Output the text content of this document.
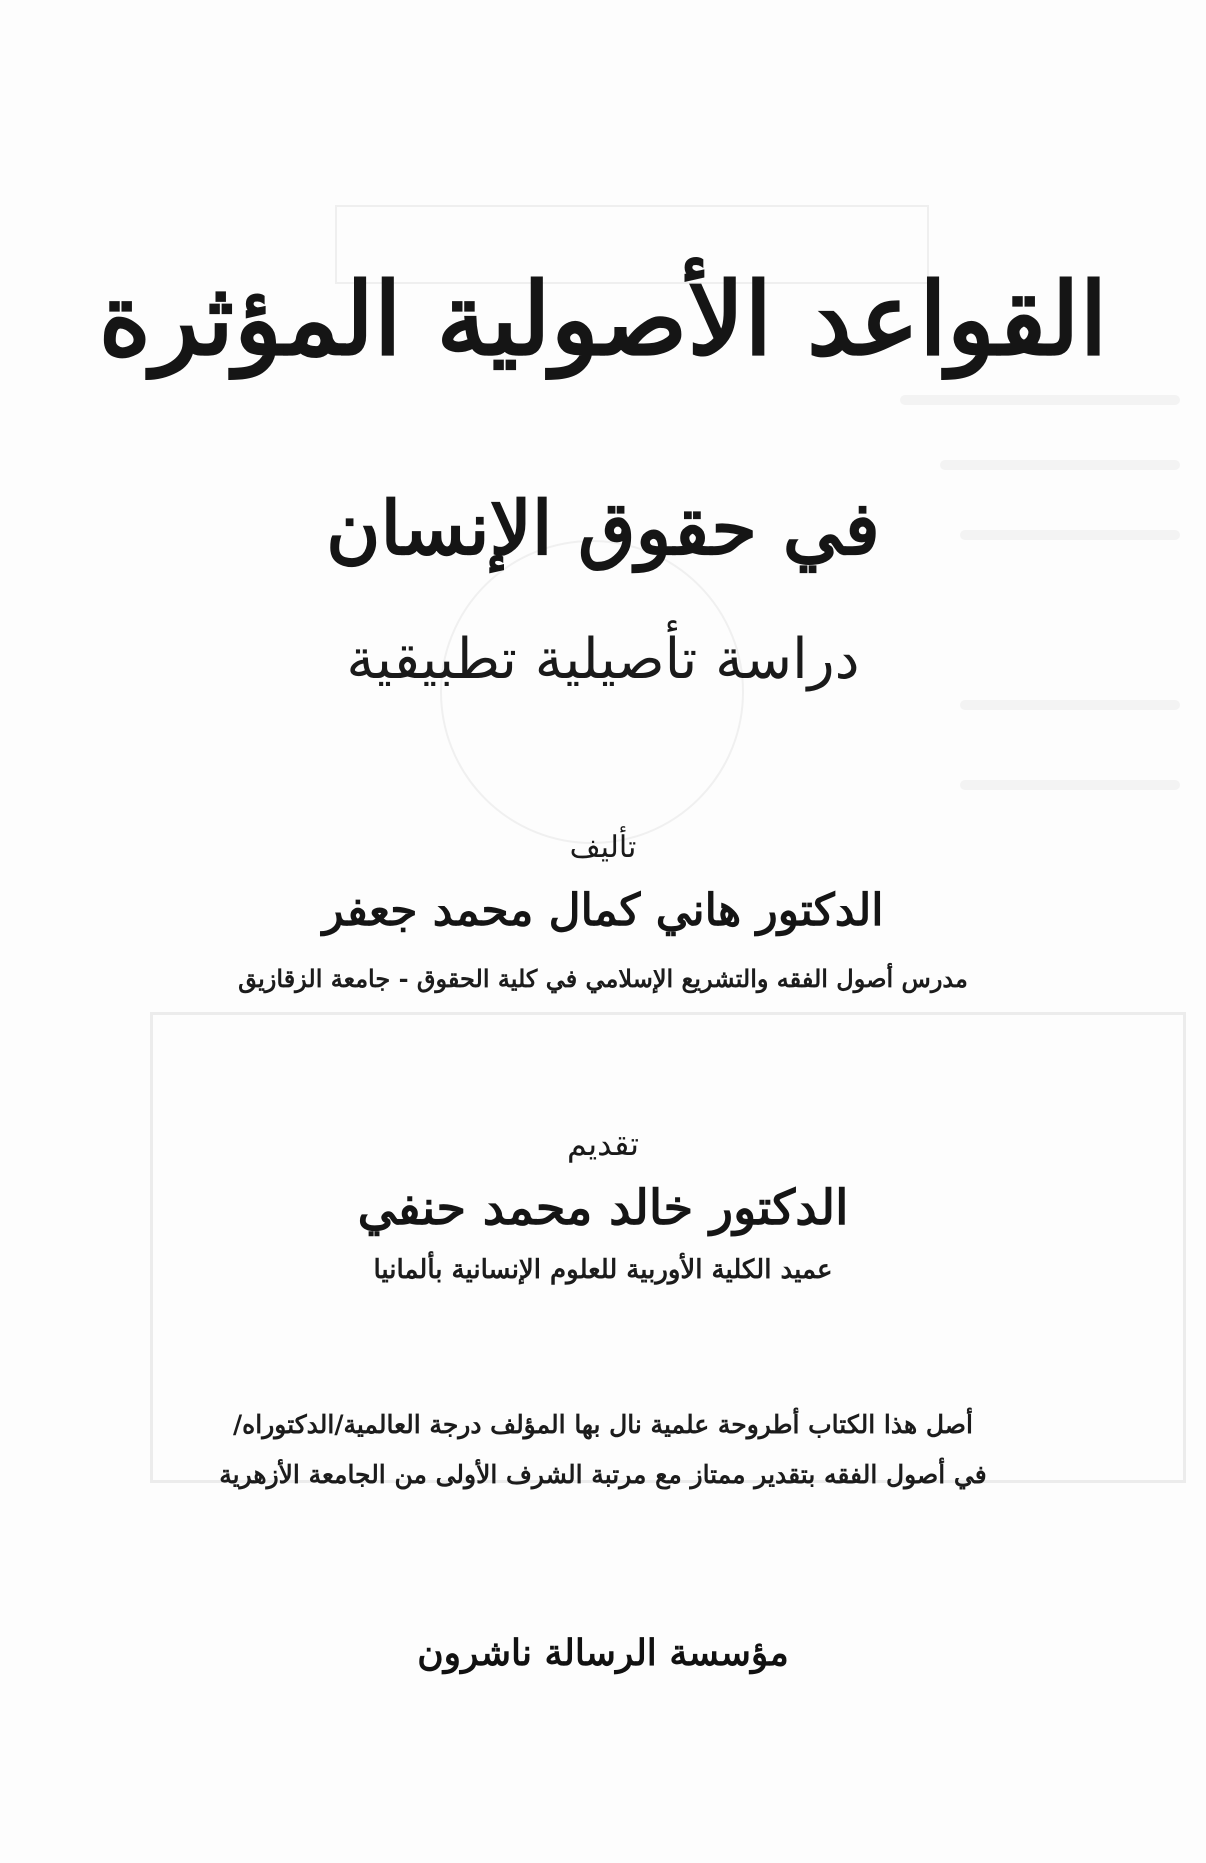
القواعد الأصولية المؤثرة
في حقوق الإنسان
دراسة تأصيلية تطبيقية
تأليف
الدكتور هاني كمال محمد جعفر
مدرس أصول الفقه والتشريع الإسلامي في كلية الحقوق - جامعة الزقازيق
تقديم
الدكتور خالد محمد حنفي
عميد الكلية الأوربية للعلوم الإنسانية بألمانيا
أصل هذا الكتاب أطروحة علمية نال بها المؤلف درجة العالمية/الدكتوراه/
في أصول الفقه بتقدير ممتاز مع مرتبة الشرف الأولى من الجامعة الأزهرية
مؤسسة الرسالة ناشرون
